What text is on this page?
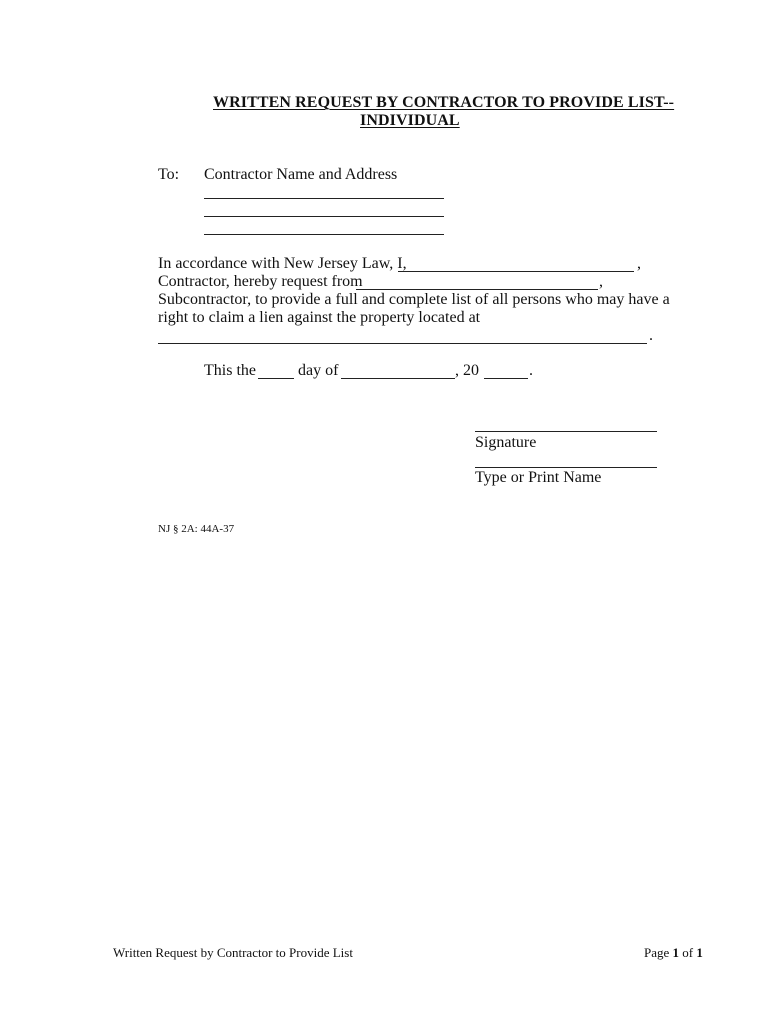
WRITTEN REQUEST BY CONTRACTOR TO PROVIDE LIST--
INDIVIDUAL
To: Contractor Name and Address
In accordance with New Jersey Law, I,	,
Contractor, hereby request from	,
Subcontractor, to provide a full and complete list of all persons who may have a
right to claim a lien against the property located at
.
This the	day of	, 20	.
Signature
Type or Print Name
NJ § 2A: 44A-37
Written Request by Contractor to Provide List	Page 1 of 1
